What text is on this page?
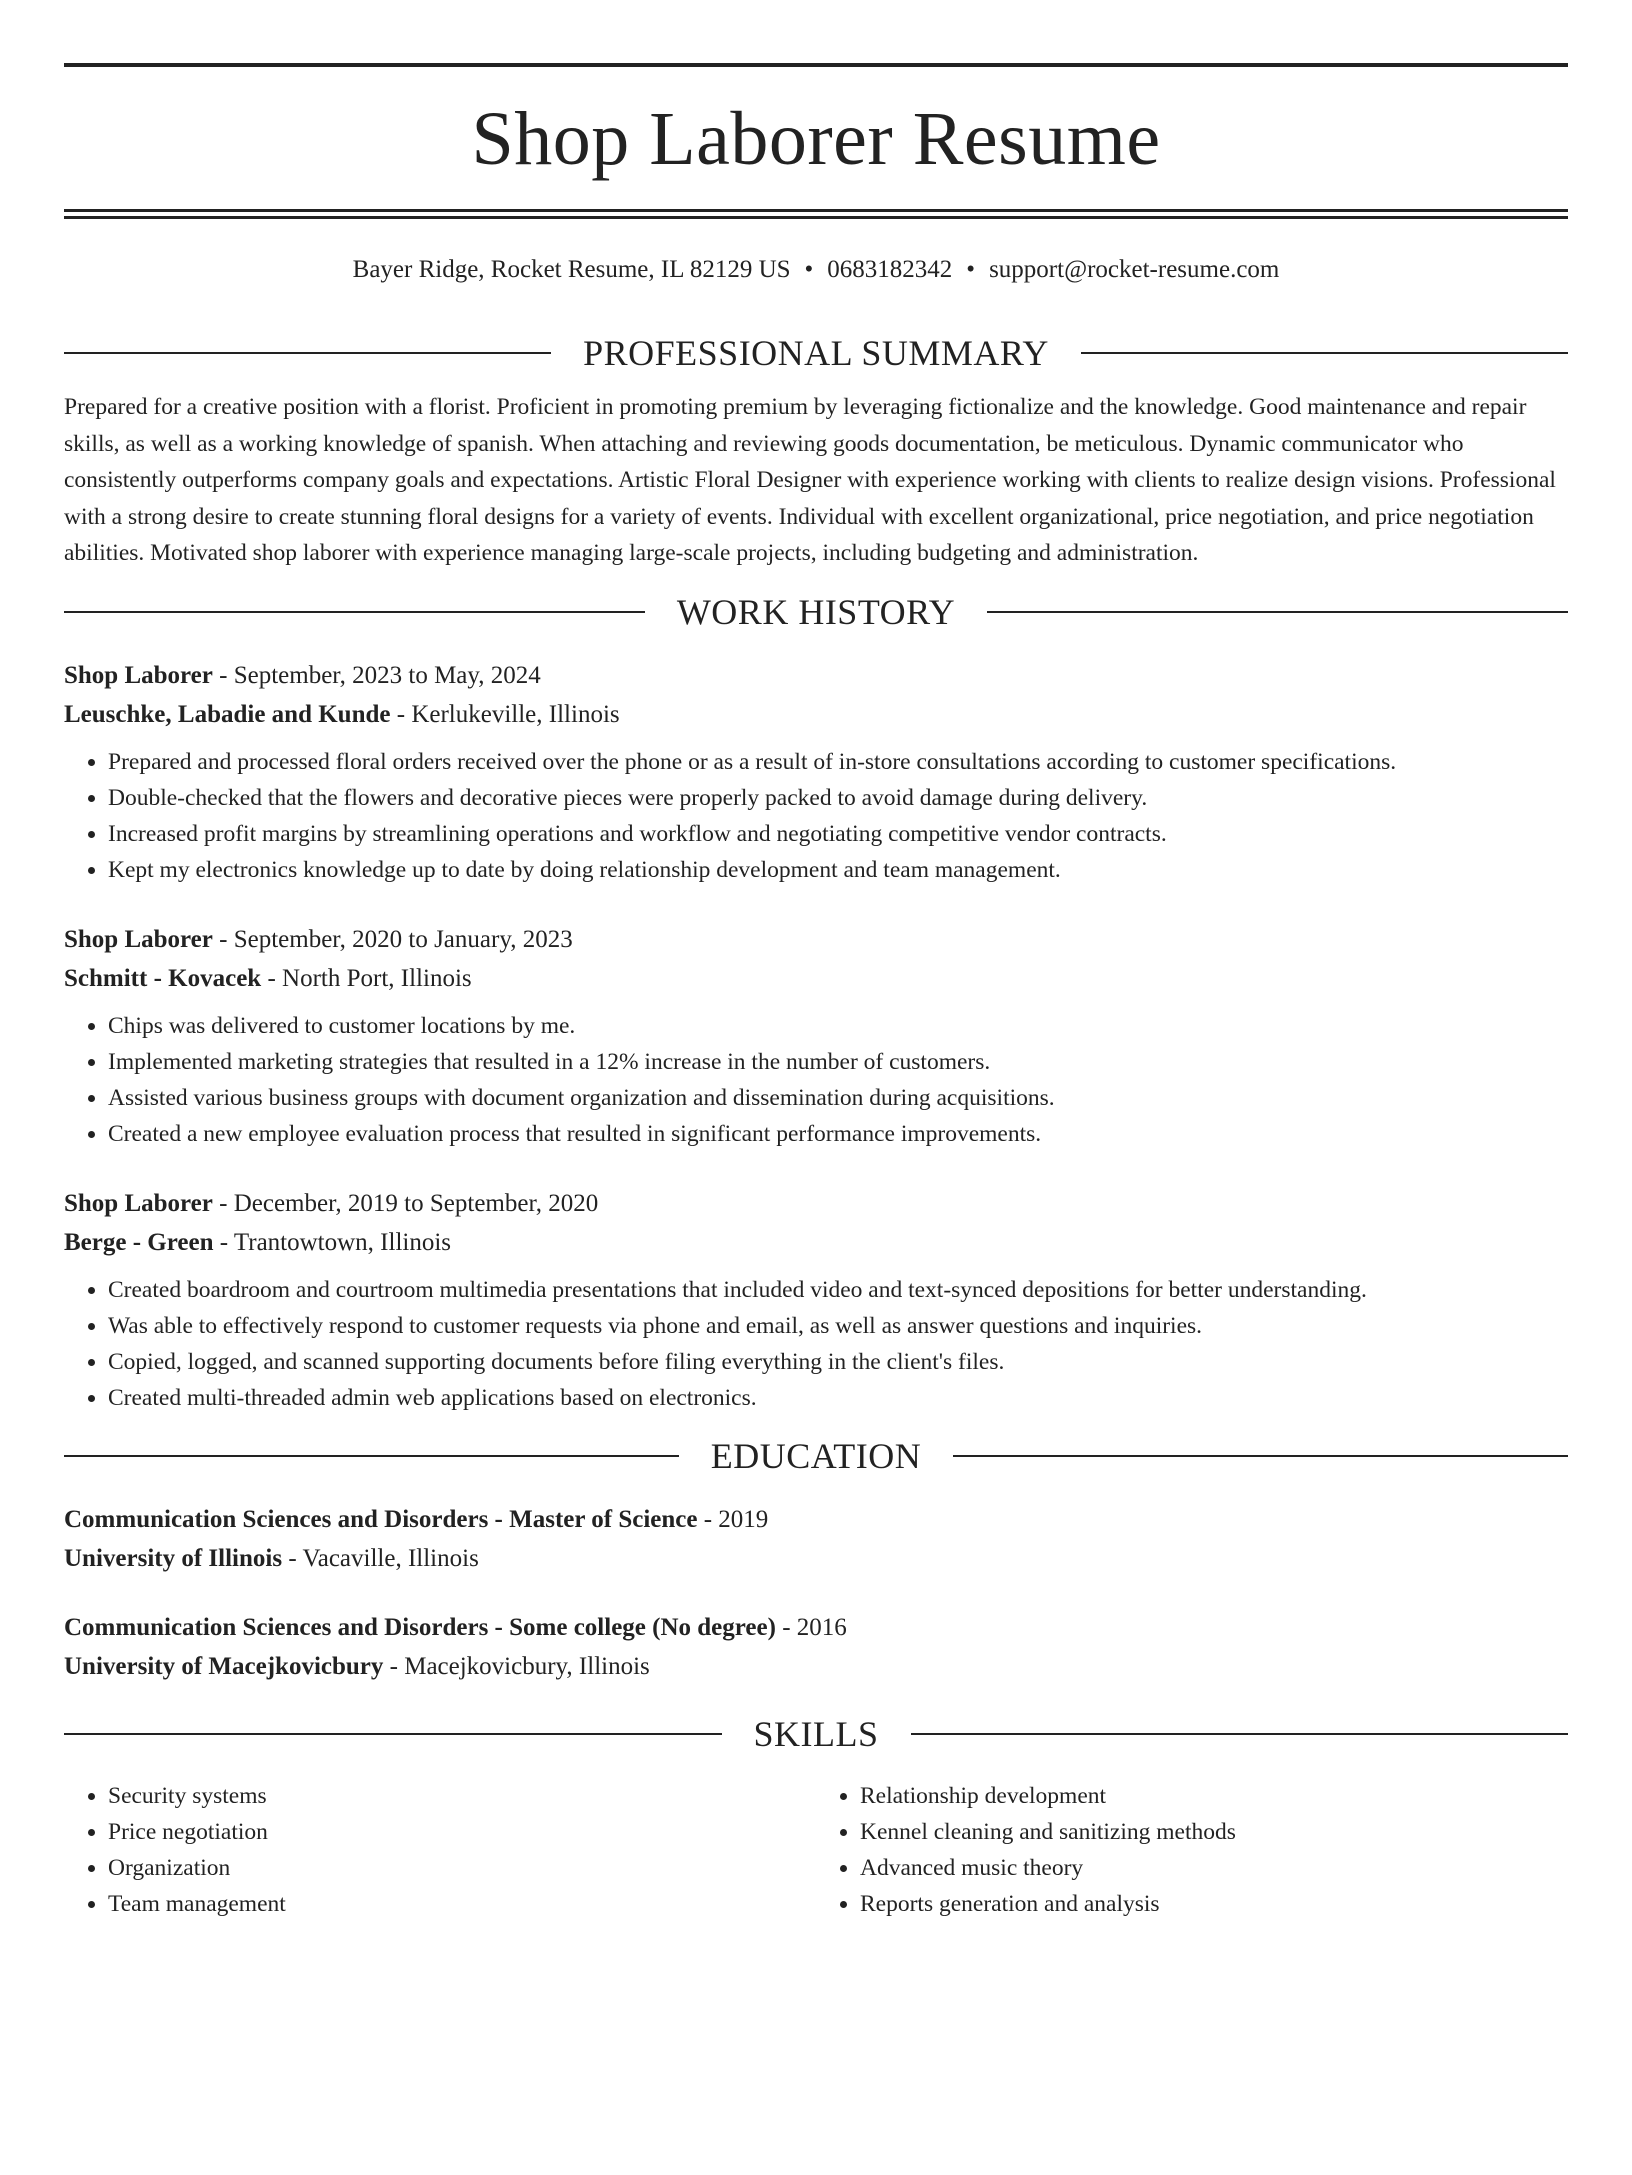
Shop Laborer Resume
Bayer Ridge, Rocket Resume, IL 82129 US • 0683182342 • support@rocket-resume.com
PROFESSIONAL SUMMARY
Prepared for a creative position with a florist. Proficient in promoting premium by leveraging fictionalize and the knowledge. Good maintenance and repair skills, as well as a working knowledge of spanish. When attaching and reviewing goods documentation, be meticulous. Dynamic communicator who consistently outperforms company goals and expectations. Artistic Floral Designer with experience working with clients to realize design visions. Professional with a strong desire to create stunning floral designs for a variety of events. Individual with excellent organizational, price negotiation, and price negotiation abilities. Motivated shop laborer with experience managing large-scale projects, including budgeting and administration.
WORK HISTORY
Shop Laborer - September, 2023 to May, 2024
Leuschke, Labadie and Kunde - Kerlukeville, Illinois
• Prepared and processed floral orders received over the phone or as a result of in-store consultations according to customer specifications.
• Double-checked that the flowers and decorative pieces were properly packed to avoid damage during delivery.
• Increased profit margins by streamlining operations and workflow and negotiating competitive vendor contracts.
• Kept my electronics knowledge up to date by doing relationship development and team management.
Shop Laborer - September, 2020 to January, 2023
Schmitt - Kovacek - North Port, Illinois
• Chips was delivered to customer locations by me.
• Implemented marketing strategies that resulted in a 12% increase in the number of customers.
• Assisted various business groups with document organization and dissemination during acquisitions.
• Created a new employee evaluation process that resulted in significant performance improvements.
Shop Laborer - December, 2019 to September, 2020
Berge - Green - Trantowtown, Illinois
• Created boardroom and courtroom multimedia presentations that included video and text-synced depositions for better understanding.
• Was able to effectively respond to customer requests via phone and email, as well as answer questions and inquiries.
• Copied, logged, and scanned supporting documents before filing everything in the client's files.
• Created multi-threaded admin web applications based on electronics.
EDUCATION
Communication Sciences and Disorders - Master of Science - 2019
University of Illinois - Vacaville, Illinois
Communication Sciences and Disorders - Some college (No degree) - 2016
University of Macejkovicbury - Macejkovicbury, Illinois
SKILLS
• Security systems
• Price negotiation
• Organization
• Team management
• Relationship development
• Kennel cleaning and sanitizing methods
• Advanced music theory
• Reports generation and analysis
